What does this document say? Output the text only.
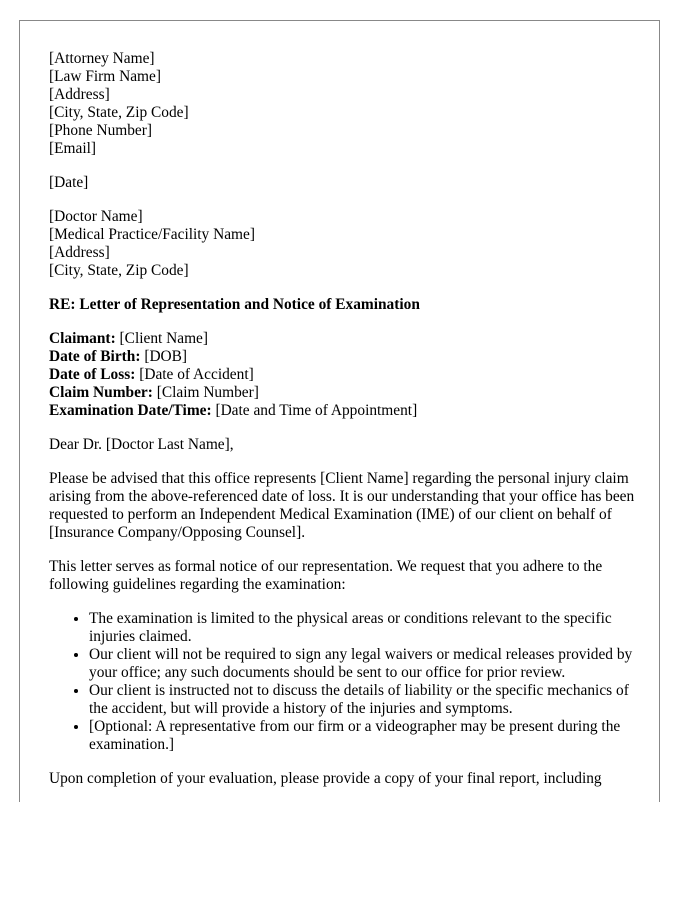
[Attorney Name]
[Law Firm Name]
[Address]
[City, State, Zip Code]
[Phone Number]
[Email]
[Date]
[Doctor Name]
[Medical Practice/Facility Name]
[Address]
[City, State, Zip Code]
RE: Letter of Representation and Notice of Examination
Claimant: [Client Name]
Date of Birth: [DOB]
Date of Loss: [Date of Accident]
Claim Number: [Claim Number]
Examination Date/Time: [Date and Time of Appointment]
Dear Dr. [Doctor Last Name],

Please be advised that this office represents [Client Name] regarding the personal injury claim arising from the above-referenced date of loss. It is our understanding that your office has been requested to perform an Independent Medical Examination (IME) of our client on behalf of [Insurance Company/Opposing Counsel].

This letter serves as formal notice of our representation. We request that you adhere to the following guidelines regarding the examination:

• The examination is limited to the physical areas or conditions relevant to the specific injuries claimed.
• Our client will not be required to sign any legal waivers or medical releases provided by your office; any such documents should be sent to our office for prior review.
• Our client is instructed not to discuss the details of liability or the specific mechanics of the accident, but will provide a history of the injuries and symptoms.
• [Optional: A representative from our firm or a videographer may be present during the examination.]

Upon completion of your evaluation, please provide a copy of your final report, including
